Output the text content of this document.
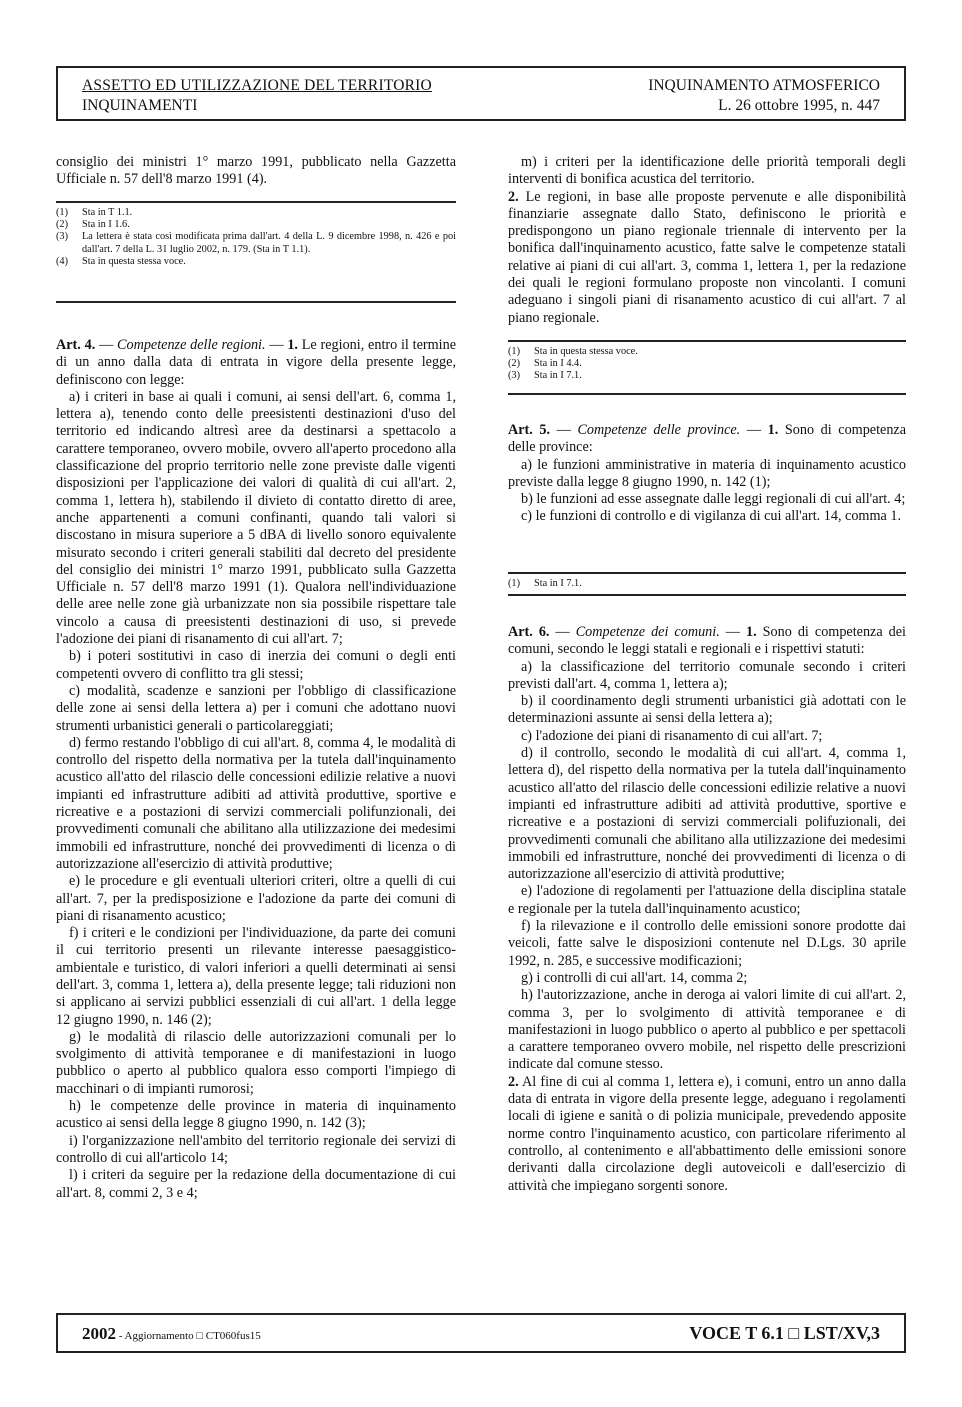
ASSETTO ED UTILIZZAZIONE DEL TERRITORIO
INQUINAMENTI
INQUINAMENTO ATMOSFERICO
L. 26 ottobre 1995, n. 447

consiglio dei ministri 1° marzo 1991, pubblicato nella Gazzetta Ufficiale n. 57 dell'8 marzo 1991 (4).

(1)	Sta in T 1.1.
(2)	Sta in I 1.6.
(3)	La lettera è stata così modificata prima dall'art. 4 della L. 9 dicembre 1998, n. 426 e poi dall'art. 7 della L. 31 luglio 2002, n. 179. (Sta in T 1.1).
(4)	Sta in questa stessa voce.

Art. 4. — Competenze delle regioni. — 1. Le regioni, entro il termine di un anno dalla data di entrata in vigore della presente legge, definiscono con legge:

a) i criteri in base ai quali i comuni, ai sensi dell'art. 6, comma 1, lettera a), tenendo conto delle preesistenti destinazioni d'uso del territorio ed indicando altresì aree da destinarsi a spettacolo a carattere temporaneo, ovvero mobile, ovvero all'aperto procedono alla classificazione del proprio territorio nelle zone previste dalle vigenti disposizioni per l'applicazione dei valori di qualità di cui all'art. 2, comma 1, lettera h), stabilendo il divieto di contatto diretto di aree, anche appartenenti a comuni confinanti, quando tali valori si discostano in misura superiore a 5 dBA di livello sonoro equivalente misurato secondo i criteri generali stabiliti dal decreto del presidente del consiglio dei ministri 1° marzo 1991, pubblicato sulla Gazzetta Ufficiale n. 57 dell'8 marzo 1991 (1). Qualora nell'individuazione delle aree nelle zone già urbanizzate non sia possibile rispettare tale vincolo a causa di preesistenti destinazioni di uso, si prevede l'adozione dei piani di risanamento di cui all'art. 7;

b) i poteri sostitutivi in caso di inerzia dei comuni o degli enti competenti ovvero di conflitto tra gli stessi;

c) modalità, scadenze e sanzioni per l'obbligo di classificazione delle zone ai sensi della lettera a) per i comuni che adottano nuovi strumenti urbanistici generali o particolareggiati;

d) fermo restando l'obbligo di cui all'art. 8, comma 4, le modalità di controllo del rispetto della normativa per la tutela dall'inquinamento acustico all'atto del rilascio delle concessioni edilizie relative a nuovi impianti ed infrastrutture adibiti ad attività produttive, sportive e ricreative e a postazioni di servizi commerciali polifunzionali, dei provvedimenti comunali che abilitano alla utilizzazione dei medesimi immobili ed infrastrutture, nonché dei provvedimenti di licenza o di autorizzazione all'esercizio di attività produttive;

e) le procedure e gli eventuali ulteriori criteri, oltre a quelli di cui all'art. 7, per la predisposizione e l'adozione da parte dei comuni di piani di risanamento acustico;

f) i criteri e le condizioni per l'individuazione, da parte dei comuni il cui territorio presenti un rilevante interesse paesaggistico-ambientale e turistico, di valori inferiori a quelli determinati ai sensi dell'art. 3, comma 1, lettera a), della presente legge; tali riduzioni non si applicano ai servizi pubblici essenziali di cui all'art. 1 della legge 12 giugno 1990, n. 146 (2);

g) le modalità di rilascio delle autorizzazioni comunali per lo svolgimento di attività temporanee e di manifestazioni in luogo pubblico o aperto al pubblico qualora esso comporti l'impiego di macchinari o di impianti rumorosi;

h) le competenze delle province in materia di inquinamento acustico ai sensi della legge 8 giugno 1990, n. 142 (3);

i) l'organizzazione nell'ambito del territorio regionale dei servizi di controllo di cui all'articolo 14;

l) i criteri da seguire per la redazione della documentazione di cui all'art. 8, commi 2, 3 e 4;

m) i criteri per la identificazione delle priorità temporali degli interventi di bonifica acustica del territorio.

2. Le regioni, in base alle proposte pervenute e alle disponibilità finanziarie assegnate dallo Stato, definiscono le priorità e predispongono un piano regionale triennale di intervento per la bonifica dall'inquinamento acustico, fatte salve le competenze statali relative ai piani di cui all'art. 3, comma 1, lettera 1, per la redazione dei quali le regioni formulano proposte non vincolanti. I comuni adeguano i singoli piani di risanamento acustico di cui all'art. 7 al piano regionale.

(1)	Sta in questa stessa voce.
(2)	Sta in I 4.4.
(3)	Sta in I 7.1.

Art. 5. — Competenze delle province. — 1. Sono di competenza delle province:

a) le funzioni amministrative in materia di inquinamento acustico previste dalla legge 8 giugno 1990, n. 142 (1);

b) le funzioni ad esse assegnate dalle leggi regionali di cui all'art. 4;

c) le funzioni di controllo e di vigilanza di cui all'art. 14, comma 1.

(1)	Sta in I 7.1.

Art. 6. — Competenze dei comuni. — 1. Sono di competenza dei comuni, secondo le leggi statali e regionali e i rispettivi statuti:

a) la classificazione del territorio comunale secondo i criteri previsti dall'art. 4, comma 1, lettera a);

b) il coordinamento degli strumenti urbanistici già adottati con le determinazioni assunte ai sensi della lettera a);

c) l'adozione dei piani di risanamento di cui all'art. 7;

d) il controllo, secondo le modalità di cui all'art. 4, comma 1, lettera d), del rispetto della normativa per la tutela dall'inquinamento acustico all'atto del rilascio delle concessioni edilizie relative a nuovi impianti ed infrastrutture adibiti ad attività produttive, sportive e ricreative e a postazioni di servizi commerciali polifuzionali, dei provvedimenti comunali che abilitano alla utilizzazione dei medesimi immobili ed infrastrutture, nonché dei provvedimenti di licenza o di autorizzazione all'esercizio di attività produttive;

e) l'adozione di regolamenti per l'attuazione della disciplina statale e regionale per la tutela dall'inquinamento acustico;

f) la rilevazione e il controllo delle emissioni sonore prodotte dai veicoli, fatte salve le disposizioni contenute nel D.Lgs. 30 aprile 1992, n. 285, e successive modificazioni;

g) i controlli di cui all'art. 14, comma 2;

h) l'autorizzazione, anche in deroga ai valori limite di cui all'art. 2, comma 3, per lo svolgimento di attività temporanee e di manifestazioni in luogo pubblico o aperto al pubblico e per spettacoli a carattere temporaneo ovvero mobile, nel rispetto delle prescrizioni indicate dal comune stesso.

2. Al fine di cui al comma 1, lettera e), i comuni, entro un anno dalla data di entrata in vigore della presente legge, adeguano i regolamenti locali di igiene e sanità o di polizia municipale, prevedendo apposite norme contro l'inquinamento acustico, con particolare riferimento al controllo, al contenimento e all'abbattimento delle emissioni sonore derivanti dalla circolazione degli autoveicoli e dall'esercizio di attività che impiegano sorgenti sonore.

2002 - Aggiornamento □ CT060fus15	VOCE T 6.1 □ LST/XV,3
